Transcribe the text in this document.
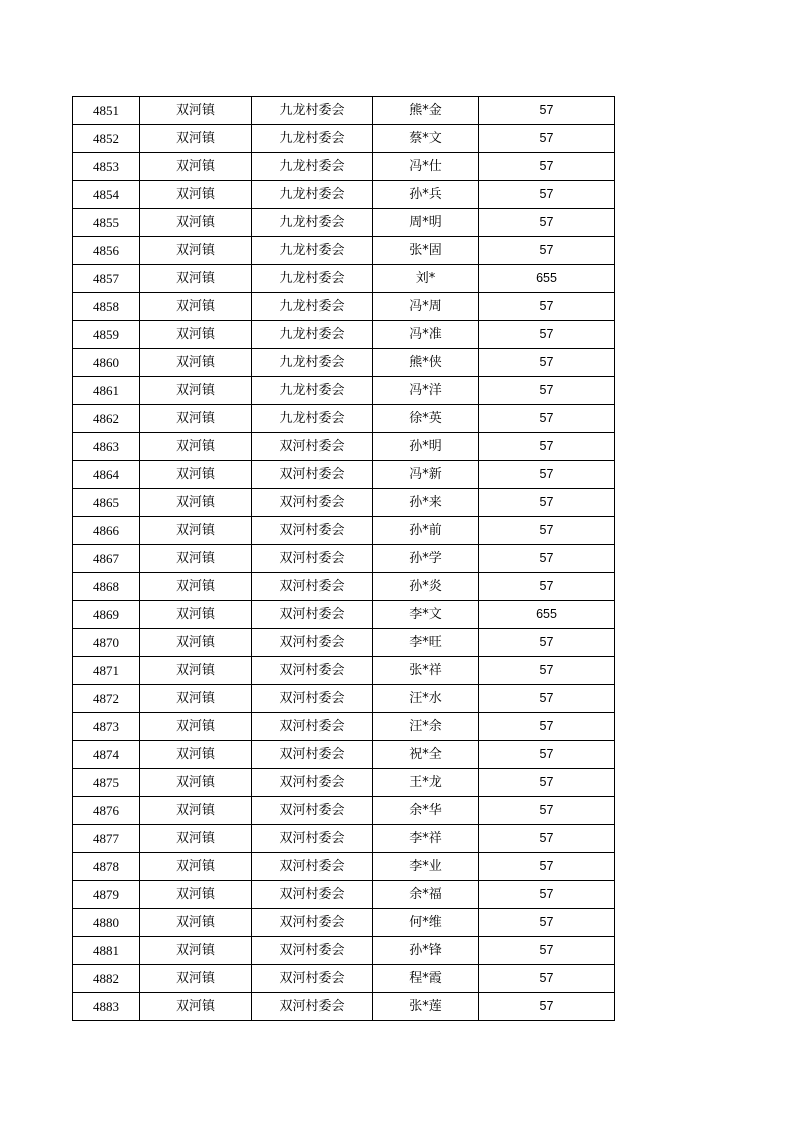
4851	双河镇	九龙村委会	熊*金	57
4852	双河镇	九龙村委会	蔡*文	57
4853	双河镇	九龙村委会	冯*仕	57
4854	双河镇	九龙村委会	孙*兵	57
4855	双河镇	九龙村委会	周*明	57
4856	双河镇	九龙村委会	张*固	57
4857	双河镇	九龙村委会	刘*	655
4858	双河镇	九龙村委会	冯*周	57
4859	双河镇	九龙村委会	冯*准	57
4860	双河镇	九龙村委会	熊*侠	57
4861	双河镇	九龙村委会	冯*洋	57
4862	双河镇	九龙村委会	徐*英	57
4863	双河镇	双河村委会	孙*明	57
4864	双河镇	双河村委会	冯*新	57
4865	双河镇	双河村委会	孙*来	57
4866	双河镇	双河村委会	孙*前	57
4867	双河镇	双河村委会	孙*学	57
4868	双河镇	双河村委会	孙*炎	57
4869	双河镇	双河村委会	李*文	655
4870	双河镇	双河村委会	李*旺	57
4871	双河镇	双河村委会	张*祥	57
4872	双河镇	双河村委会	汪*水	57
4873	双河镇	双河村委会	汪*余	57
4874	双河镇	双河村委会	祝*全	57
4875	双河镇	双河村委会	王*龙	57
4876	双河镇	双河村委会	余*华	57
4877	双河镇	双河村委会	李*祥	57
4878	双河镇	双河村委会	李*业	57
4879	双河镇	双河村委会	余*福	57
4880	双河镇	双河村委会	何*维	57
4881	双河镇	双河村委会	孙*锋	57
4882	双河镇	双河村委会	程*霞	57
4883	双河镇	双河村委会	张*莲	57
